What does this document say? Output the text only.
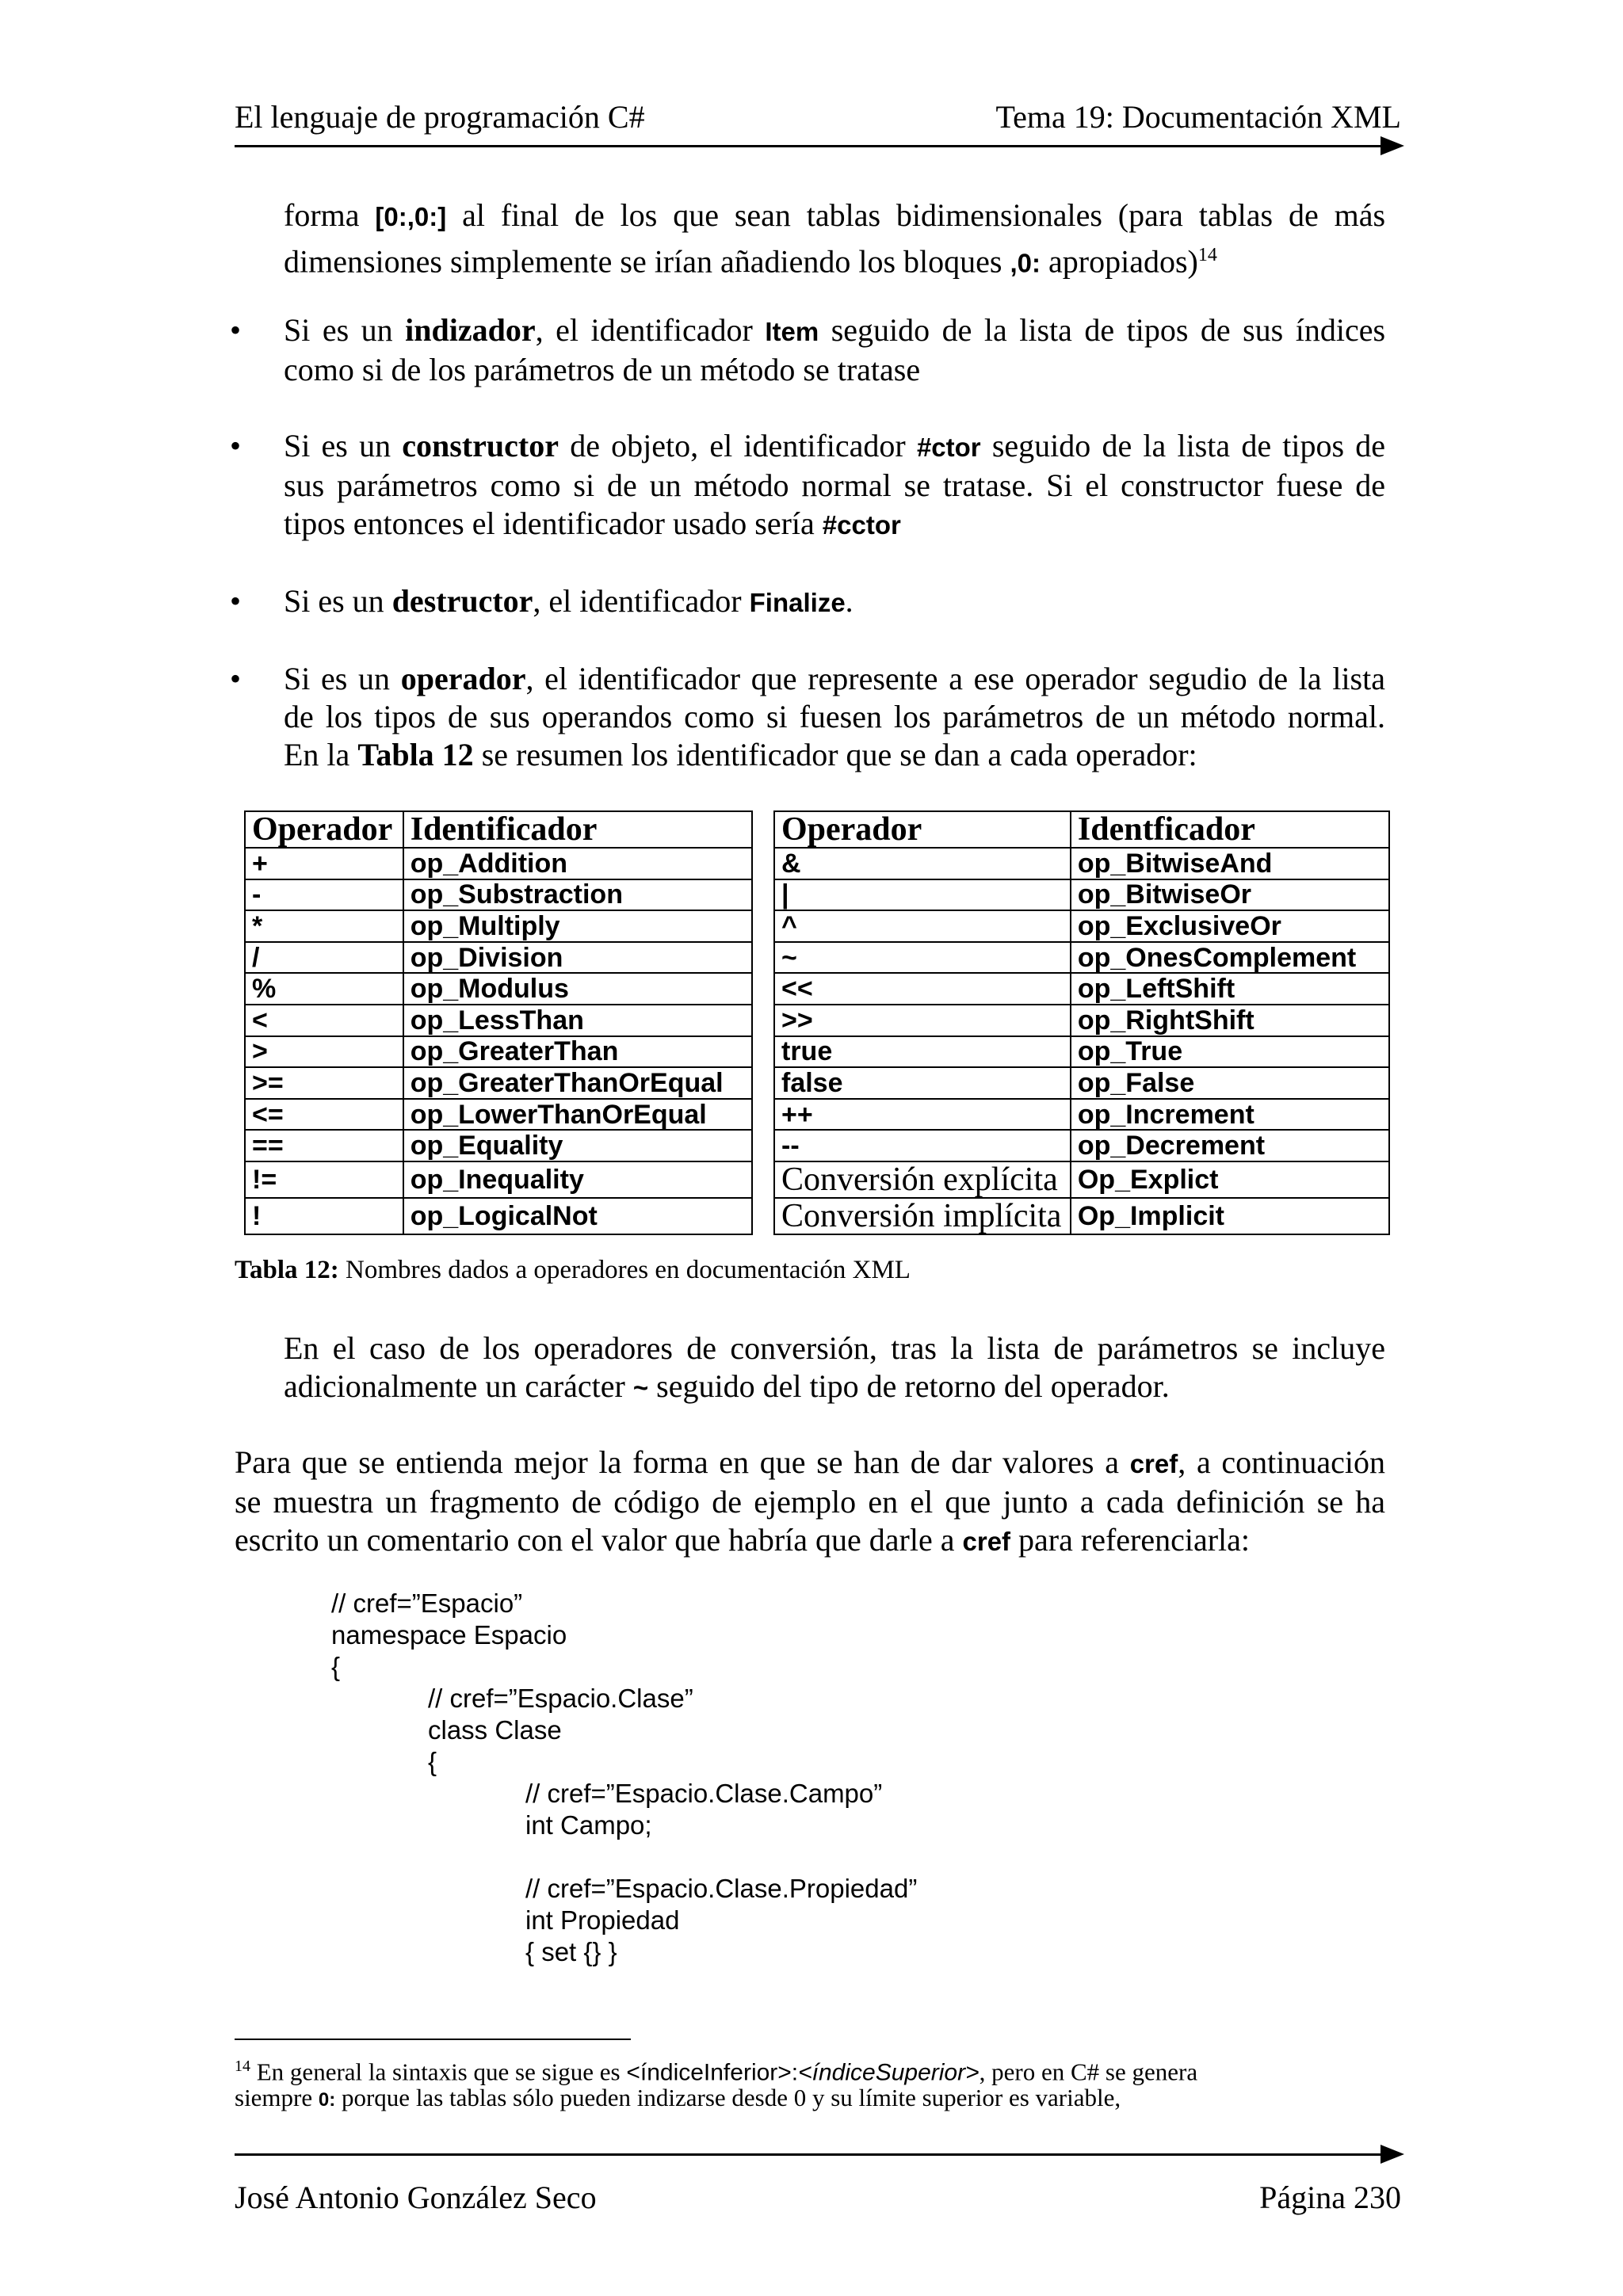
El lenguaje de programación C#	Tema 19: Documentación XML
forma [0:,0:] al final de los que sean tablas bidimensionales (para tablas de más
dimensiones simplemente se irían añadiendo los bloques ,0: apropiados)$^{14}$
• Si es un indizador, el identificador Item seguido de la lista de tipos de sus índices
como si de los parámetros de un método se tratase
• Si es un constructor de objeto, el identificador #ctor seguido de la lista de tipos de
sus parámetros como si de un método normal se tratase. Si el constructor fuese de
tipos entonces el identificador usado sería #cctor
• Si es un destructor, el identificador Finalize.
• Si es un operador, el identificador que represente a ese operador segudio de la lista
de los tipos de sus operandos como si fuesen los parámetros de un método normal.
En la Tabla 12 se resumen los identificador que se dan a cada operador:
Operador	Identificador
+	op_Addition
-	op_Substraction
*	op_Multiply
/	op_Division
%	op_Modulus
<	op_LessThan
>	op_GreaterThan
>=	op_GreaterThanOrEqual
<=	op_LowerThanOrEqual
==	op_Equality
!=	op_Inequality
!	op_LogicalNot
Operador	Identficador
&	op_BitwiseAnd
|	op_BitwiseOr
^	op_ExclusiveOr
~	op_OnesComplement
<<	op_LeftShift
>>	op_RightShift
true	op_True
false	op_False
++	op_Increment
--	op_Decrement
Conversión explícita	Op_Explict
Conversión implícita	Op_Implicit
Tabla 12: Nombres dados a operadores en documentación XML
En el caso de los operadores de conversión, tras la lista de parámetros se incluye
adicionalmente un carácter ~ seguido del tipo de retorno del operador.
Para que se entienda mejor la forma en que se han de dar valores a cref, a continuación
se muestra un fragmento de código de ejemplo en el que junto a cada definición se ha
escrito un comentario con el valor que habría que darle a cref para referenciarla:
// cref=”Espacio”
namespace Espacio
{
// cref=”Espacio.Clase”
class Clase
{
// cref=”Espacio.Clase.Campo”
int Campo;
// cref=”Espacio.Clase.Propiedad”
int Propiedad
{ set {} }
$^{14}$ En general la sintaxis que se sigue es <índiceInferior>:<índiceSuperior>, pero en C# se genera
siempre 0: porque las tablas sólo pueden indizarse desde 0 y su límite superior es variable,
José Antonio González Seco	Página 230
